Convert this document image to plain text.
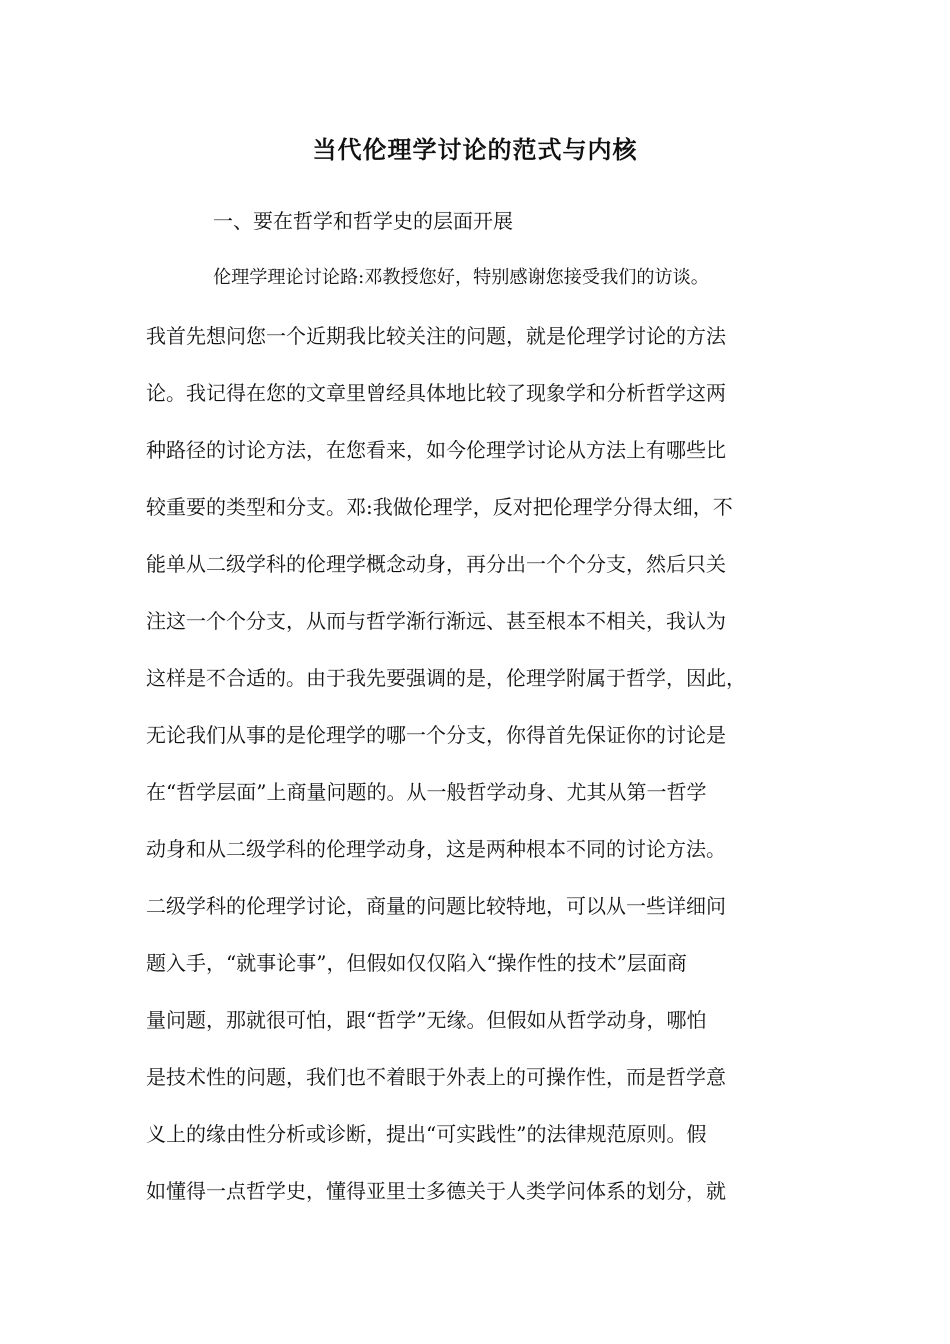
当代伦理学讨论的范式与内核
一、要在哲学和哲学史的层面开展
伦理学理论讨论路:邓教授您好，特别感谢您接受我们的访谈。
我首先想问您一个近期我比较关注的问题，就是伦理学讨论的方法
论。我记得在您的文章里曾经具体地比较了现象学和分析哲学这两
种路径的讨论方法，在您看来，如今伦理学讨论从方法上有哪些比
较重要的类型和分支。邓:我做伦理学，反对把伦理学分得太细，不
能单从二级学科的伦理学概念动身，再分出一个个分支，然后只关
注这一个个分支，从而与哲学渐行渐远、甚至根本不相关，我认为
这样是不合适的。由于我先要强调的是，伦理学附属于哲学，因此，
无论我们从事的是伦理学的哪一个分支，你得首先保证你的讨论是
在“哲学层面”上商量问题的。从一般哲学动身、尤其从第一哲学
动身和从二级学科的伦理学动身，这是两种根本不同的讨论方法。
二级学科的伦理学讨论，商量的问题比较特地，可以从一些详细问
题入手，“就事论事”，但假如仅仅陷入“操作性的技术”层面商
量问题，那就很可怕，跟“哲学”无缘。但假如从哲学动身，哪怕
是技术性的问题，我们也不着眼于外表上的可操作性，而是哲学意
义上的缘由性分析或诊断，提出“可实践性”的法律规范原则。假
如懂得一点哲学史，懂得亚里士多德关于人类学问体系的划分，就
